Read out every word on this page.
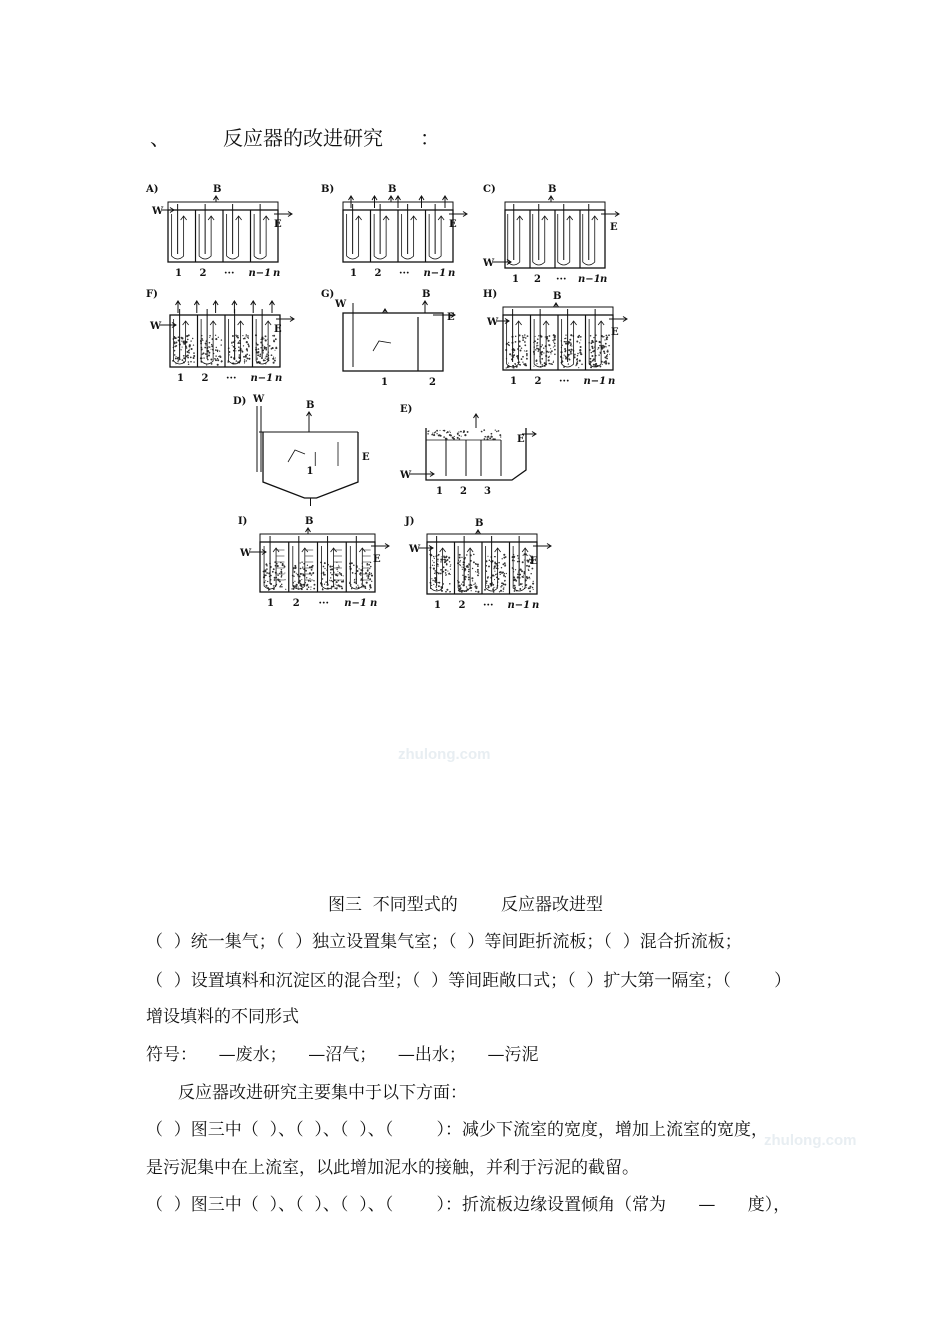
、	反应器的改进研究 ：
A)	B
W
E
1 2 ··· n−1 n
B)	B
E
1 2 ··· n−1 n
C)	B
W
E
1 2 ··· n−1 n
F)
W	E
1 2 ··· n−1 n
G)
W
B
E
1	2
H)	B
W
E
1 2 ··· n−1 n
D) W
B
E
1
E)
W
E
1 2 3
I)	B
W
E
1 2 ··· n−1 n
J)	B
W
E
1 2 ··· n−1 n
zhulong.com
zhulong.com
图三  不同型式的        反应器改进型
（  ）统一集气；（  ）独立设置集气室；（  ）等间距折流板；（  ）混合折流板；
（  ）设置填料和沉淀区的混合型；（  ）等间距敞口式；（  ）扩大第一隔室；（        ）
增设填料的不同形式
符号：    —废水；    —沼气；    —出水；    —污泥
反应器改进研究主要集中于以下方面：
（  ）图三中（  ）、（  ）、（  ）、（        ）：减少下流室的宽度，增加上流室的宽度，
是污泥集中在上流室，以此增加泥水的接触，并利于污泥的截留。
（  ）图三中（  ）、（  ）、（  ）、（        ）：折流板边缘设置倾角（常为      —      度），
